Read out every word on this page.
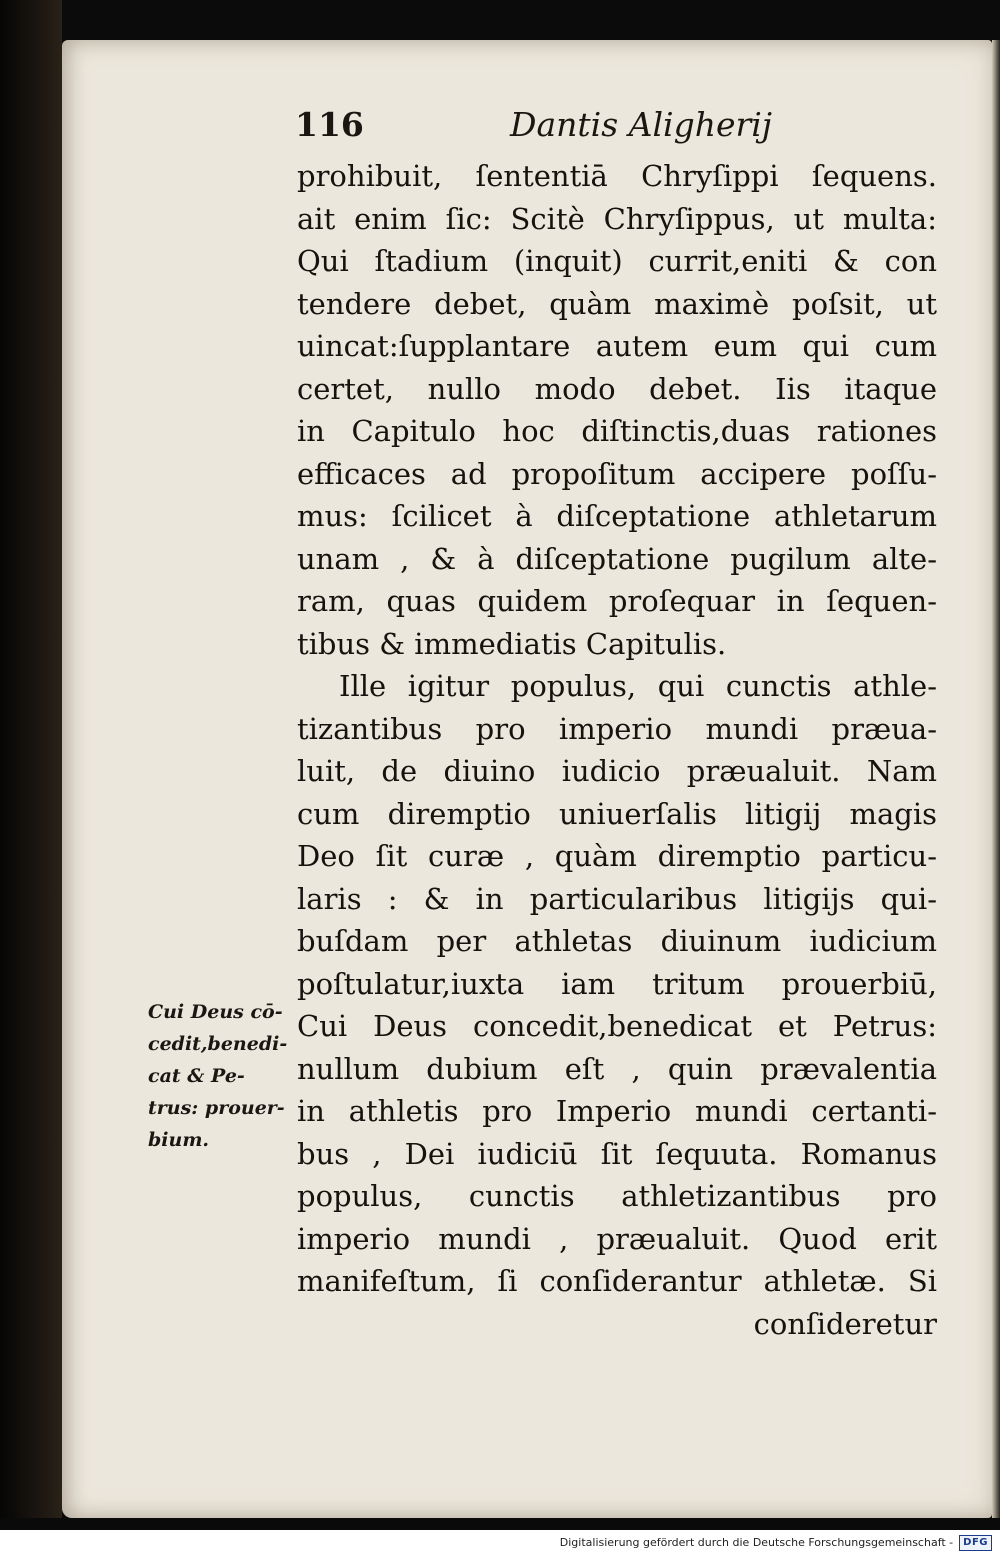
116	Dantis Aligherij
prohibuit, ſententiā Chryſippi ſequens.
ait enim ſic: Scitè Chryſippus, ut multa:
Qui ſtadium (inquit) currit,eniti & con
tendere debet, quàm maximè poſsit, ut
uincat:ſupplantare autem eum qui cum
certet, nullo modo debet. Iis itaque
in Capitulo hoc diſtinctis,duas rationes
efficaces ad propoſitum accipere poſſu-
mus: ſcilicet à diſceptatione athletarum
unam , & à diſceptatione pugilum alte-
ram, quas quidem proſequar in ſequen-
tibus & immediatis Capitulis.
Ille igitur populus, qui cunctis athle-
tizantibus pro imperio mundi præua-
luit, de diuino iudicio præualuit. Nam
cum diremptio uniuerſalis litigij magis
Deo ſit curæ , quàm diremptio particu-
laris : & in particularibus litigijs qui-
buſdam per athletas diuinum iudicium
poſtulatur,iuxta iam tritum prouerbiū,
Cui Deus concedit,benedicat et Petrus:
nullum dubium eſt , quin prævalentia
in athletis pro Imperio mundi certanti-
bus , Dei iudiciū ſit ſequuta. Romanus
populus, cunctis athletizantibus pro
imperio mundi , præualuit. Quod erit
manifeſtum, ſi conſiderantur athletæ. Si
conſideretur
Cui Deus cō-
cedit,benedi-
cat & Pe-
trus: prouer-
bium.
Digitalisierung gefördert durch die Deutsche Forschungsgemeinschaft -	DFG
